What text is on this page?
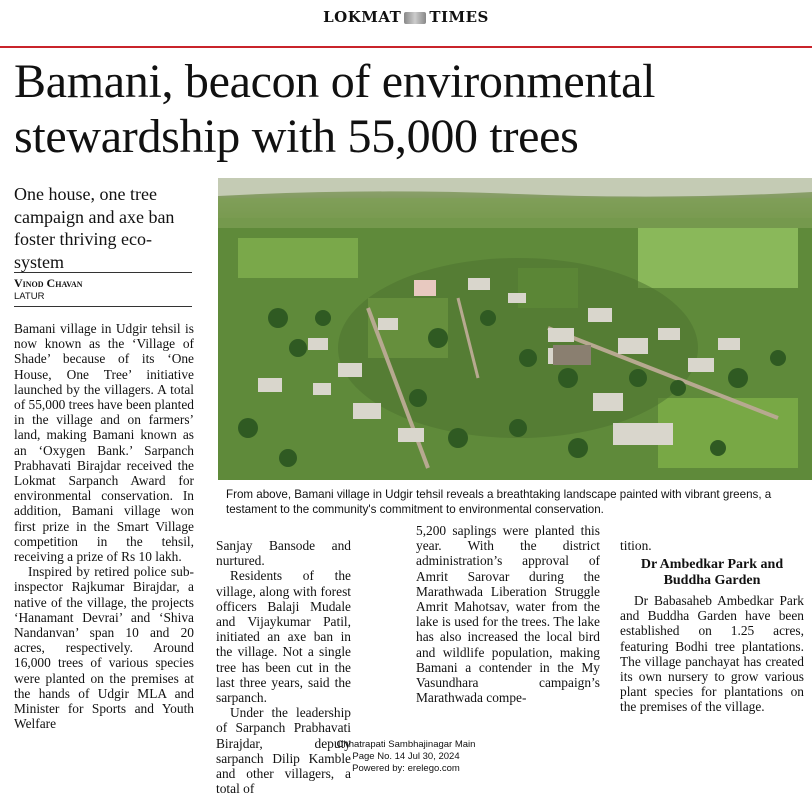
LOKMAT TIMES
Bamani, beacon of environmental stewardship with 55,000 trees
One house, one tree campaign and axe ban foster thriving eco-system
Vinod Chavan
LATUR

Bamani village in Udgir tehsil is now known as the ‘Village of Shade’ because of its ‘One House, One Tree’ initiative launched by the villagers. A total of 55,000 trees have been planted in the village and on farmers’ land, making Bamani known as an ‘Oxygen Bank.’ Sarpanch Prabhavati Birajdar received the Lokmat Sarpanch Award for environmental conservation. In addition, Bamani village won first prize in the Smart Village competition in the tehsil, receiving a prize of Rs 10 lakh.

Inspired by retired police sub-inspector Rajkumar Birajdar, a native of the village, the projects ‘Hanamant Devrai’ and ‘Shiva Nandanvan’ span 10 and 20 acres, respectively. Around 16,000 trees of various species were planted on the premises at the hands of Udgir MLA and Minister for Sports and Youth Welfare

From above, Bamani village in Udgir tehsil reveals a breathtaking landscape painted with vibrant greens, a testament to the community's commitment to environmental conservation.

Sanjay Bansode and nurtured.

Residents of the village, along with forest officers Balaji Mudale and Vijaykumar Patil, initiated an axe ban in the village. Not a single tree has been cut in the last three years, said the sarpanch.

Under the leadership of Sarpanch Prabhavati Birajdar, deputy sarpanch Dilip Kamble and other villagers, a total of

5,200 saplings were planted this year. With the district administration’s approval of Amrit Sarovar during the Marathwada Liberation Struggle Amrit Mahotsav, water from the lake is used for the trees. The lake has also increased the local bird and wildlife population, making Bamani a contender in the My Vasundhara campaign’s Marathwada compe-

tition.

Dr Ambedkar Park and Buddha Garden

Dr Babasaheb Ambedkar Park and Buddha Garden have been established on 1.25 acres, featuring Bodhi tree plantations. The village panchayat has created its own nursery to grow various plant species for plantations on the premises of the village.

Chhatrapati Sambhajinagar Main
Page No. 14 Jul 30, 2024
Powered by: erelego.com
